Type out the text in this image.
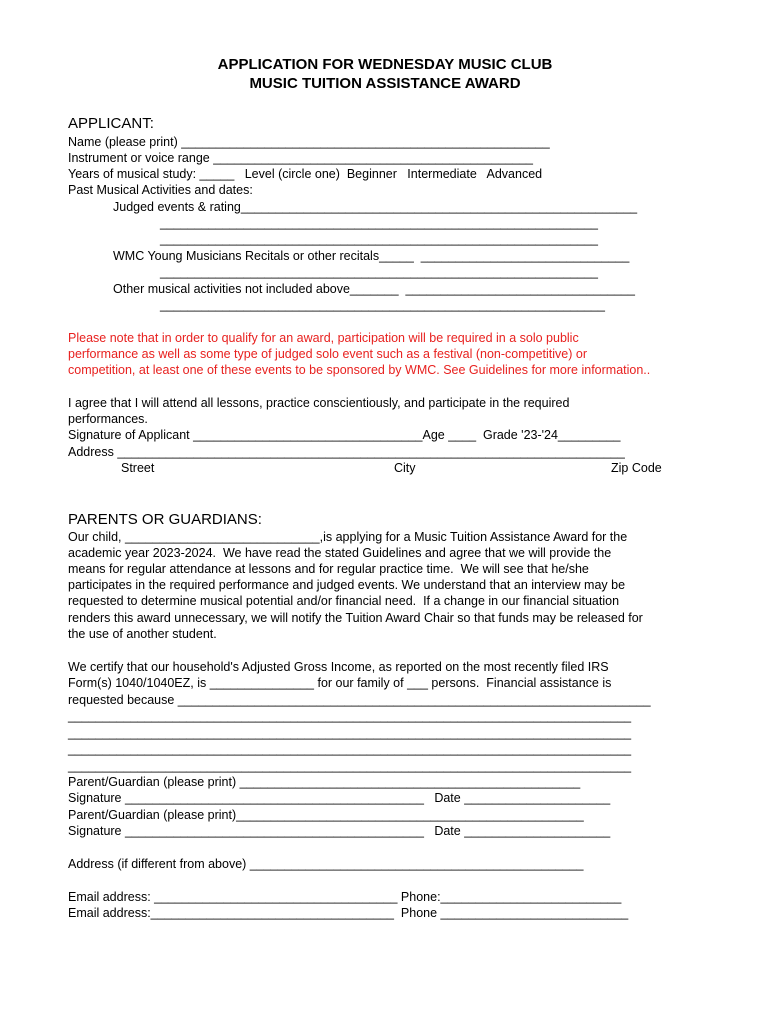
APPLICATION FOR WEDNESDAY MUSIC CLUB
MUSIC TUITION ASSISTANCE AWARD
APPLICANT:
Name (please print) _____________________________________________________
Instrument or voice range ______________________________________________
Years of musical study: _____   Level (circle one)  Beginner   Intermediate   Advanced
Past Musical Activities and dates:
Judged events & rating_________________________________________________________
_______________________________________________________________
_______________________________________________________________
WMC Young Musicians Recitals or other recitals_____  ______________________________
_______________________________________________________________
Other musical activities not included above_______  _________________________________
________________________________________________________________
Please note that in order to qualify for an award, participation will be required in a solo public
performance as well as some type of judged solo event such as a festival (non-competitive) or
competition, at least one of these events to be sponsored by WMC. See Guidelines for more information..
I agree that I will attend all lessons, practice conscientiously, and participate in the required
performances.
Signature of Applicant _________________________________Age ____  Grade '23-'24_________
Address _________________________________________________________________________
Street	City	Zip Code
PARENTS OR GUARDIANS:
Our child, ____________________________,is applying for a Music Tuition Assistance Award for the
academic year 2023-2024.  We have read the stated Guidelines and agree that we will provide the
means for regular attendance at lessons and for regular practice time.  We will see that he/she
participates in the required performance and judged events. We understand that an interview may be
requested to determine musical potential and/or financial need.  If a change in our financial situation
renders this award unnecessary, we will notify the Tuition Award Chair so that funds may be released for
the use of another student.
We certify that our household's Adjusted Gross Income, as reported on the most recently filed IRS
Form(s) 1040/1040EZ, is _______________ for our family of ___ persons.  Financial assistance is
requested because ____________________________________________________________________
_________________________________________________________________________________
_________________________________________________________________________________
_________________________________________________________________________________
_________________________________________________________________________________
Parent/Guardian (please print) _________________________________________________
Signature ___________________________________________   Date _____________________
Parent/Guardian (please print)__________________________________________________
Signature ___________________________________________   Date _____________________
Address (if different from above) ________________________________________________
Email address: ___________________________________ Phone:__________________________
Email address:___________________________________  Phone ___________________________
